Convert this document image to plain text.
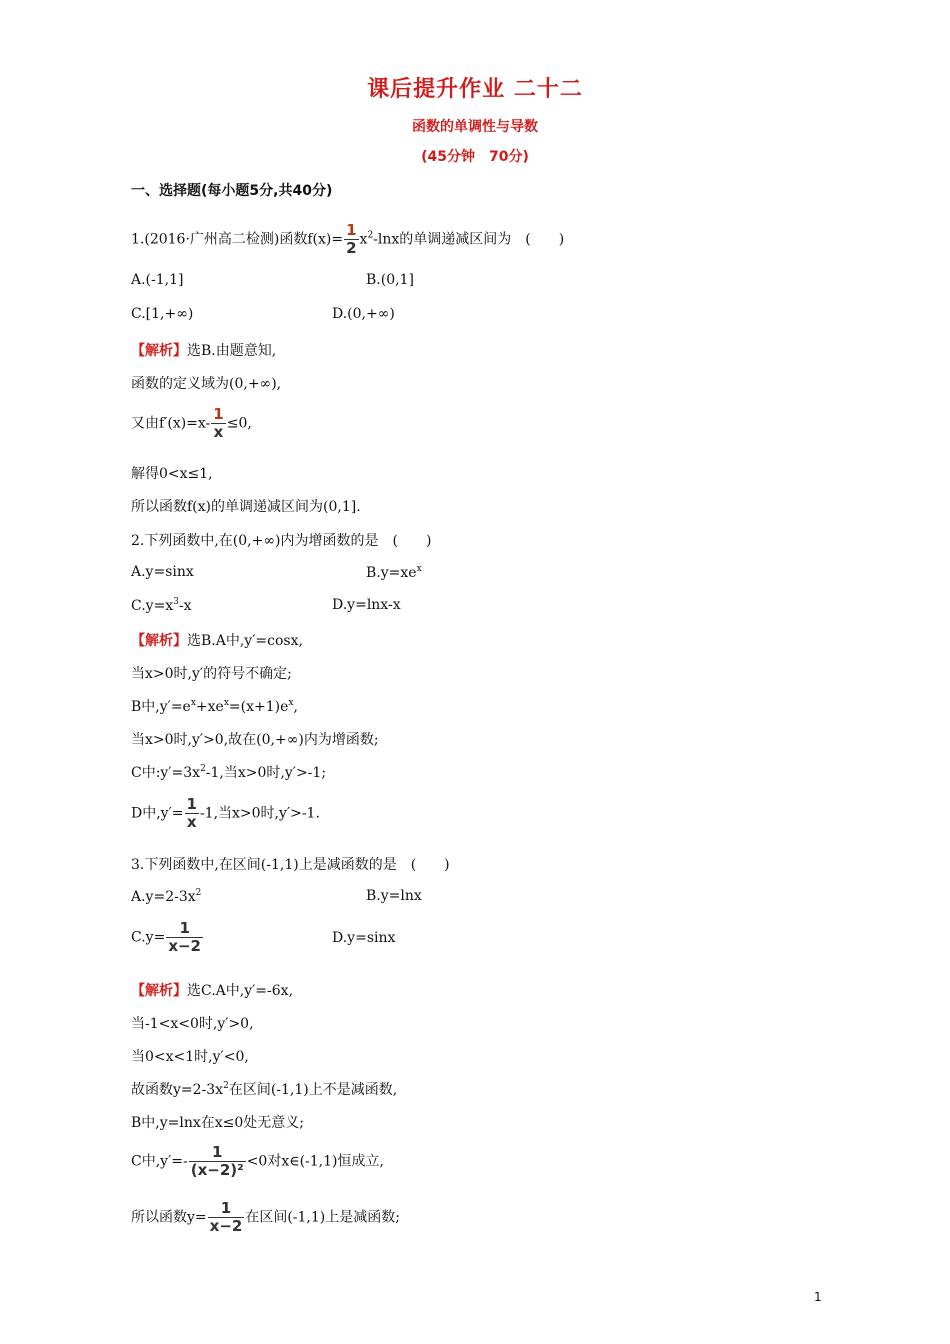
课后提升作业 二十二
函数的单调性与导数
(45分钟　70分)
一、选择题(每小题5分,共40分)
1.(2016·广州高二检测)函数$f(x)= \frac{1}{2} x^2-\ln x$的单调递减区间为　(　　)
A.(-1,1]	B.(0,1]
C.[1,+∞)	D.(0,+∞)
【解析】选B.由题意知,
函数的定义域为(0,+∞),
又由$f'(x)=x- \frac{1}{x} \le 0$,
解得0<x≤1,
所以函数f(x)的单调递减区间为(0,1].
2.下列函数中,在(0,+∞)内为增函数的是　(　　)
A.y=sinx	$B.y=xe^x$
$C.y=x^3-x$	D.y=lnx-x
【解析】选B.A中,y′=cosx,
当x>0时,y′的符号不确定;
B中$,y'=e^x+xe^x=(x+1)e^x$,
当x>0时,y′>0,故在(0,+∞)内为增函数;
C中$:y'=3x^2-1$,当x>0时,y′>-1;
D中$,y'= \frac{1}{x} -1$,当x>0时,y′>-1.
3.下列函数中,在区间(-1,1)上是减函数的是　(　　)
$A.y=2-3x^2$	B.y=lnx
$C.y= \frac{1}{x-2}$	D.y=sinx
【解析】选C.A中,y′=-6x,
当-1<x<0时,y′>0,
当0<x<1时,y′<0,
故函数$y=2-3x^2$在区间(-1,1)上不是减函数,
B中,y=lnx在x≤0处无意义;
C中$,y'=- \frac{1}{\text{(x−2)²}} <0$对x∈(-1,1)恒成立,
所以函数$y= \frac{1}{x-2}$ 在区间(-1,1)上是减函数;
1
